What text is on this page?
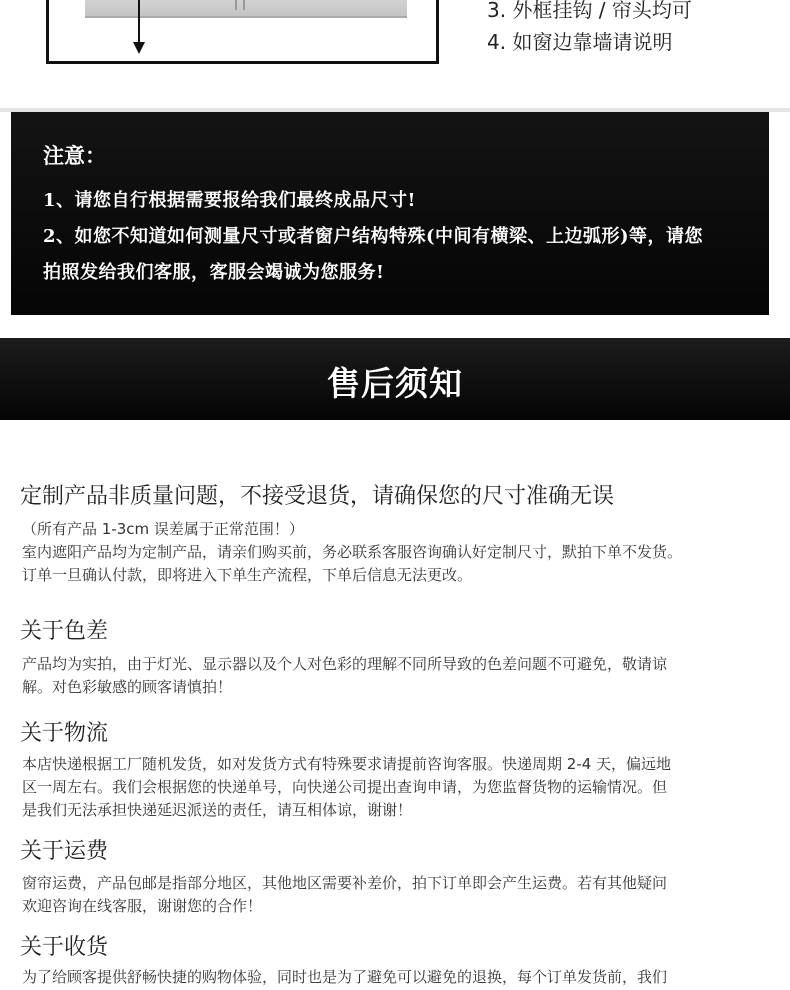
3. 外框挂钩 / 帘头均可
4. 如窗边靠墙请说明
注意：
1、请您自行根据需要报给我们最终成品尺寸!
2、如您不知道如何测量尺寸或者窗户结构特殊(中间有横梁、上边弧形)等，请您
拍照发给我们客服，客服会竭诚为您服务!
售后须知
定制产品非质量问题，不接受退货，请确保您的尺寸准确无误
（所有产品 1-3cm 误差属于正常范围！）
室内遮阳产品均为定制产品，请亲们购买前，务必联系客服咨询确认好定制尺寸，默拍下单不发货。
订单一旦确认付款，即将进入下单生产流程，下单后信息无法更改。
关于色差
产品均为实拍，由于灯光、显示器以及个人对色彩的理解不同所导致的色差问题不可避免，敬请谅
解。对色彩敏感的顾客请慎拍！
关于物流
本店快递根据工厂随机发货，如对发货方式有特殊要求请提前咨询客服。快递周期 2-4 天，偏远地
区一周左右。我们会根据您的快递单号，向快递公司提出查询申请，为您监督货物的运输情况。但
是我们无法承担快递延迟派送的责任，请互相体谅，谢谢！
关于运费
窗帘运费，产品包邮是指部分地区，其他地区需要补差价，拍下订单即会产生运费。若有其他疑问
欢迎咨询在线客服，谢谢您的合作！
关于收货
为了给顾客提供舒畅快捷的购物体验，同时也是为了避免可以避免的退换，每个订单发货前，我们
